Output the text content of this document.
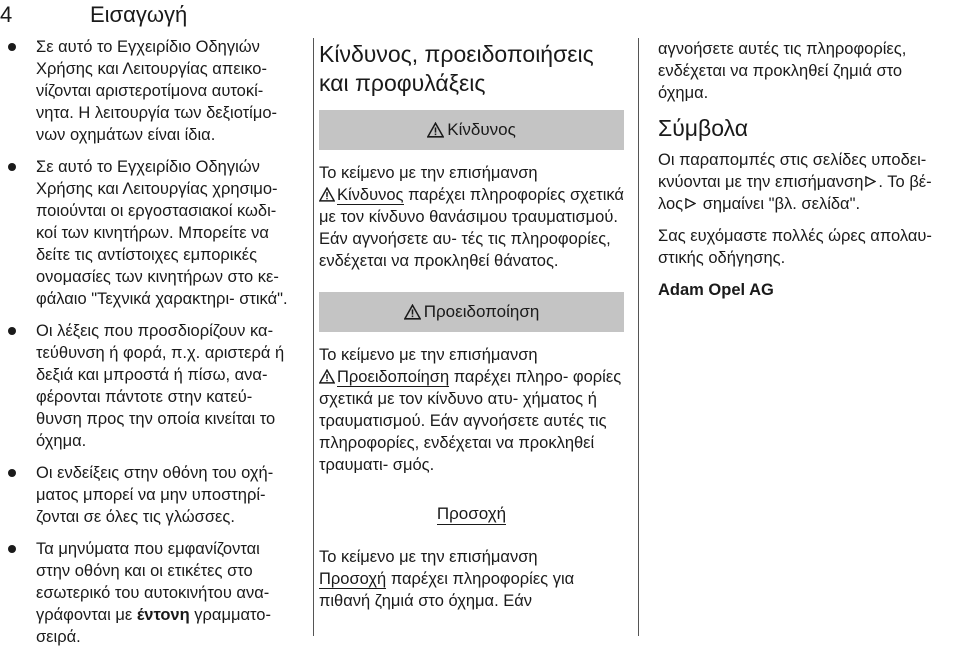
4	Εισαγωγή
Σε αυτό το Εγχειρίδιο Οδηγιών Χρήσης και Λειτουργίας απεικο- νίζονται αριστεροτίμονα αυτοκί- νητα. Η λειτουργία των δεξιοτίμο- νων οχημάτων είναι ίδια.
Σε αυτό το Εγχειρίδιο Οδηγιών Χρήσης και Λειτουργίας χρησιμο- ποιούνται οι εργοστασιακοί κωδι- κοί των κινητήρων. Μπορείτε να δείτε τις αντίστοιχες εμπορικές ονομασίες των κινητήρων στο κε- φάλαιο "Τεχνικά χαρακτηρι- στικά".
Οι λέξεις που προσδιορίζουν κα- τεύθυνση ή φορά, π.χ. αριστερά ή δεξιά και μπροστά ή πίσω, ανα- φέρονται πάντοτε στην κατεύ- θυνση προς την οποία κινείται το όχημα.
Οι ενδείξεις στην οθόνη του οχή- ματος μπορεί να μην υποστηρί- ζονται σε όλες τις γλώσσες.
Τα μηνύματα που εμφανίζονται στην οθόνη και οι ετικέτες στο εσωτερικό του αυτοκινήτου ανα- γράφονται με έντονη γραμματο- σειρά.
Κίνδυνος, προειδοποιήσεις και προφυλάξεις
Κίνδυνος

Το κείμενο με την επισήμανση
Κίνδυνος παρέχει πληροφορίες σχετικά με τον κίνδυνο θανάσιμου τραυματισμού. Εάν αγνοήσετε αυ- τές τις πληροφορίες, ενδέχεται να προκληθεί θάνατος.

Προειδοποίηση

Το κείμενο με την επισήμανση
Προειδοποίηση παρέχει πληρο- φορίες σχετικά με τον κίνδυνο ατυ- χήματος ή τραυματισμού. Εάν αγνοήσετε αυτές τις πληροφορίες, ενδέχεται να προκληθεί τραυματι- σμός.

Προσοχή

Το κείμενο με την επισήμανση
Προσοχή παρέχει πληροφορίες για πιθανή ζημιά στο όχημα. Εάν

αγνοήσετε αυτές τις πληροφορίες, ενδέχεται να προκληθεί ζημιά στο όχημα.

Σύμβολα

Οι παραπομπές στις σελίδες υποδει- κνύονται με την επισήμανση . Το βέ- λος σημαίνει "βλ. σελίδα".

Σας ευχόμαστε πολλές ώρες απολαυ- στικής οδήγησης.

Adam Opel AG
